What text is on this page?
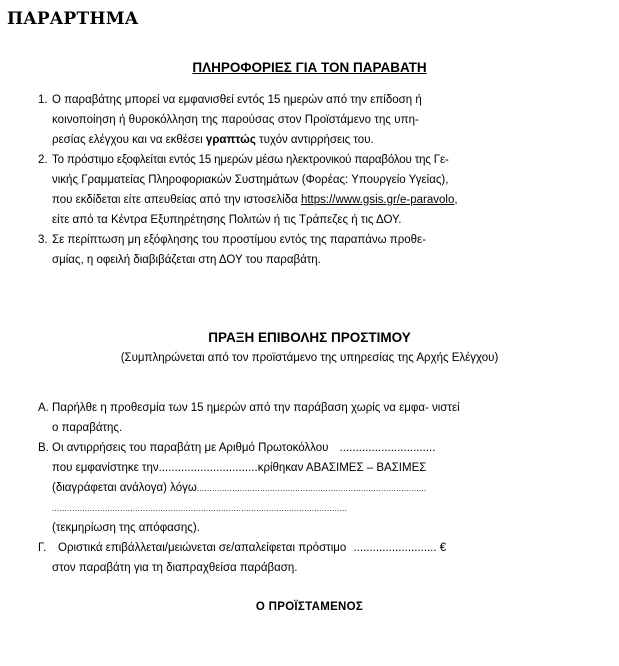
ΠΑΡΑΡΤΗΜΑ
ΠΛΗΡΟΦΟΡΙΕΣ ΓΙΑ ΤΟΝ ΠΑΡΑΒΑΤΗ
1. Ο παραβάτης μπορεί να εμφανισθεί εντός 15 ημερών από την επίδοση ή
κοινοποίηση ή θυροκόλληση της παρούσας στον Προϊστάμενο της υπη-
ρεσίας ελέγχου και να εκθέσει γραπτώς τυχόν αντιρρήσεις του.
2. Το πρόστιμο εξοφλείται εντός 15 ημερών μέσω ηλεκτρονικού παραβόλου της Γε-
νικής Γραμματείας Πληροφοριακών Συστημάτων (Φορέας: Υπουργείο Υγείας),
που εκδίδεται είτε απευθείας από την ιστοσελίδα https://www.gsis.gr/e-paravolo,
είτε από τα Κέντρα Εξυπηρέτησης Πολιτών ή τις Τράπεζες ή τις ΔΟΥ.
3. Σε περίπτωση μη εξόφλησης του προστίμου εντός της παραπάνω προθε-
σμίας, η οφειλή διαβιβάζεται στη ΔΟΥ του παραβάτη.
ΠΡΑΞΗ ΕΠΙΒΟΛΗΣ ΠΡΟΣΤΙΜΟΥ
(Συμπληρώνεται από τον προϊστάμενο της υπηρεσίας της Αρχής Ελέγχου)
Α. Παρήλθε η προθεσμία των 15 ημερών από την παράβαση χωρίς να εμφα- νιστεί
ο παραβάτης.
Β. Οι αντιρρήσεις του παραβάτη με Αριθμό Πρωτοκόλλου ..............................
που εμφανίστηκε την...............................κρίθηκαν ΑΒΑΣΙΜΕΣ – ΒΑΣΙΜΕΣ
(διαγράφεται ανάλογα) λόγω...........................................................................................
.....................................................................................................................
(τεκμηρίωση της απόφασης).
Γ.	Οριστικά επιβάλλεται/μειώνεται σε/απαλείφεται πρόστιμο .......................... €
στον παραβάτη για τη διαπραχθείσα παράβαση.
Ο ΠΡΟΪΣΤΑΜΕΝΟΣ
